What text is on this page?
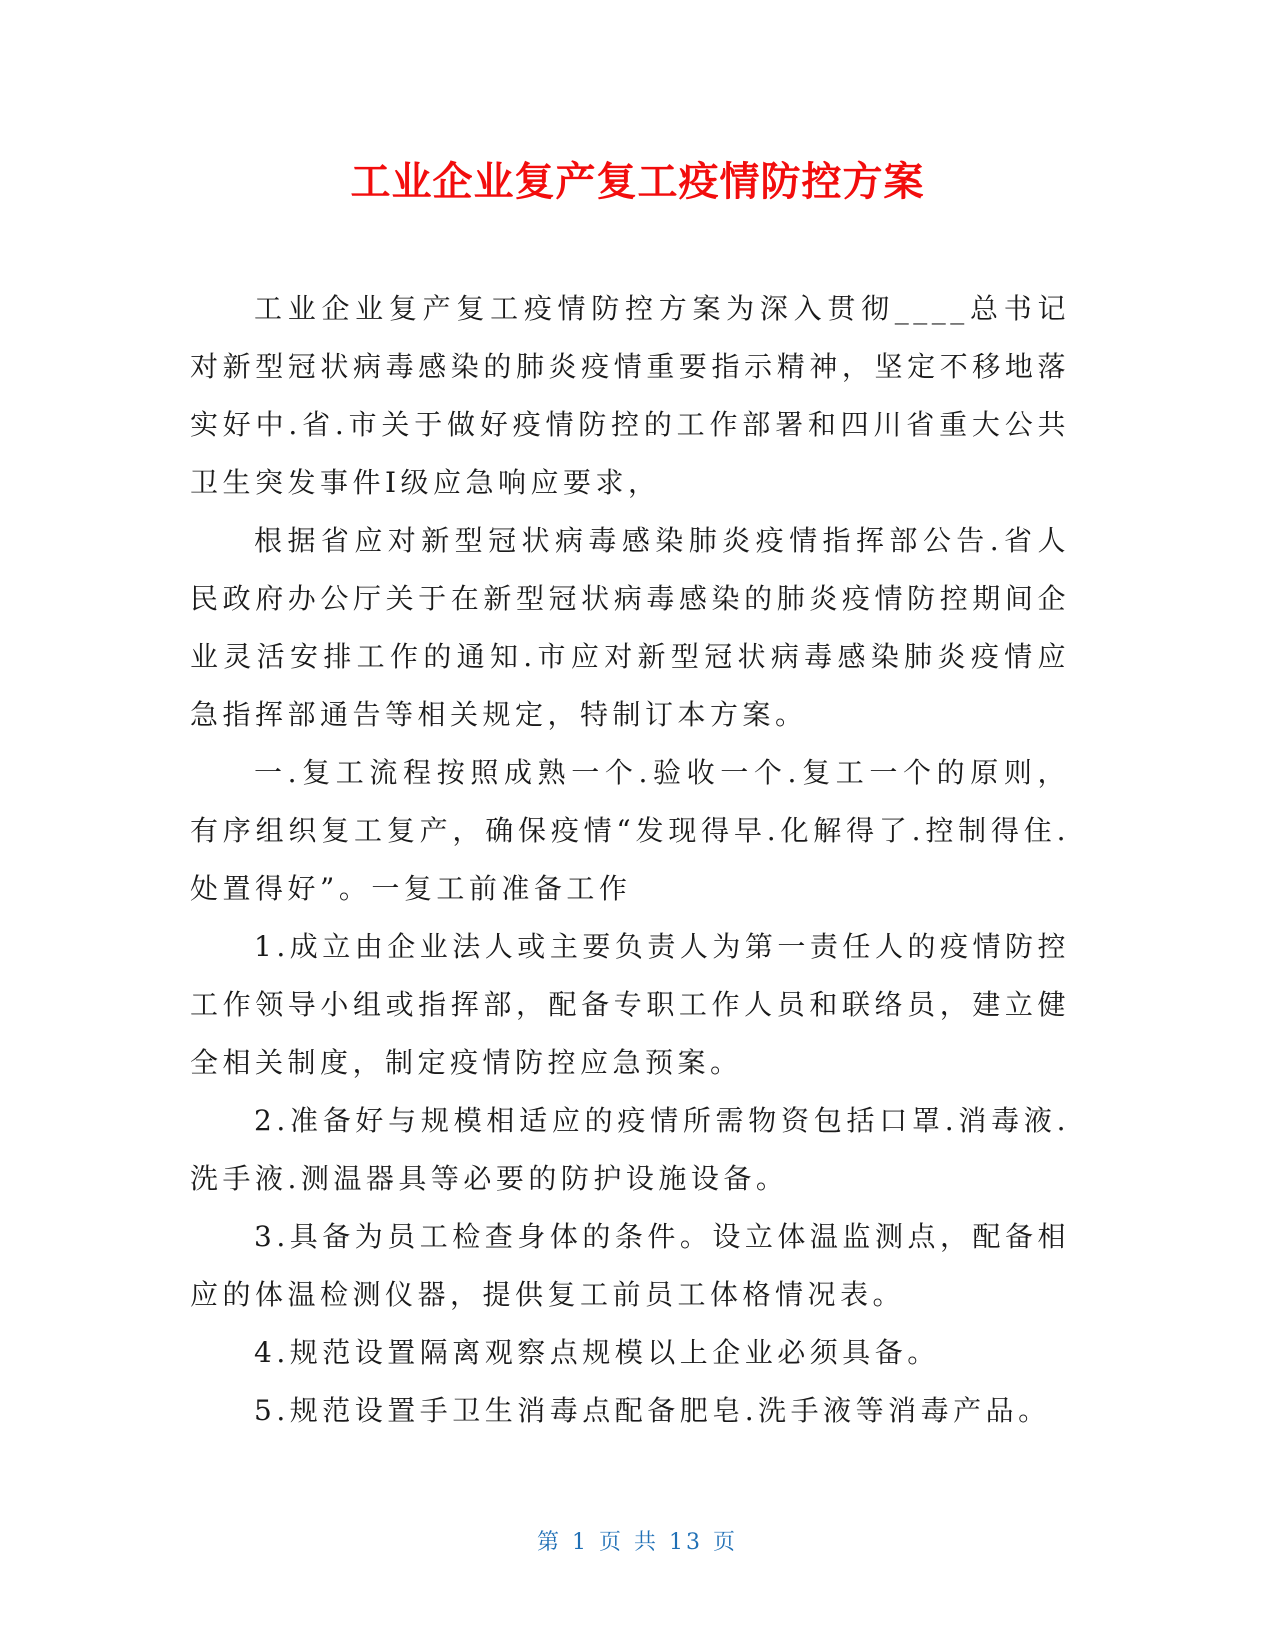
工业企业复产复工疫情防控方案

工业企业复产复工疫情防控方案为深入贯彻____总书记对新型冠状病毒感染的肺炎疫情重要指示精神，坚定不移地落实好中.省.市关于做好疫情防控的工作部署和四川省重大公共卫生突发事件Ⅰ级应急响应要求，

根据省应对新型冠状病毒感染肺炎疫情指挥部公告.省人民政府办公厅关于在新型冠状病毒感染的肺炎疫情防控期间企业灵活安排工作的通知.市应对新型冠状病毒感染肺炎疫情应急指挥部通告等相关规定，特制订本方案。

一.复工流程按照成熟一个.验收一个.复工一个的原则，有序组织复工复产，确保疫情“发现得早.化解得了.控制得住.处置得好”。一复工前准备工作

1.成立由企业法人或主要负责人为第一责任人的疫情防控工作领导小组或指挥部，配备专职工作人员和联络员，建立健全相关制度，制定疫情防控应急预案。

2.准备好与规模相适应的疫情所需物资包括口罩.消毒液.洗手液.测温器具等必要的防护设施设备。

3.具备为员工检查身体的条件。设立体温监测点，配备相应的体温检测仪器，提供复工前员工体格情况表。

4.规范设置隔离观察点规模以上企业必须具备。

5.规范设置手卫生消毒点配备肥皂.洗手液等消毒产品。

第 1 页 共 13 页
